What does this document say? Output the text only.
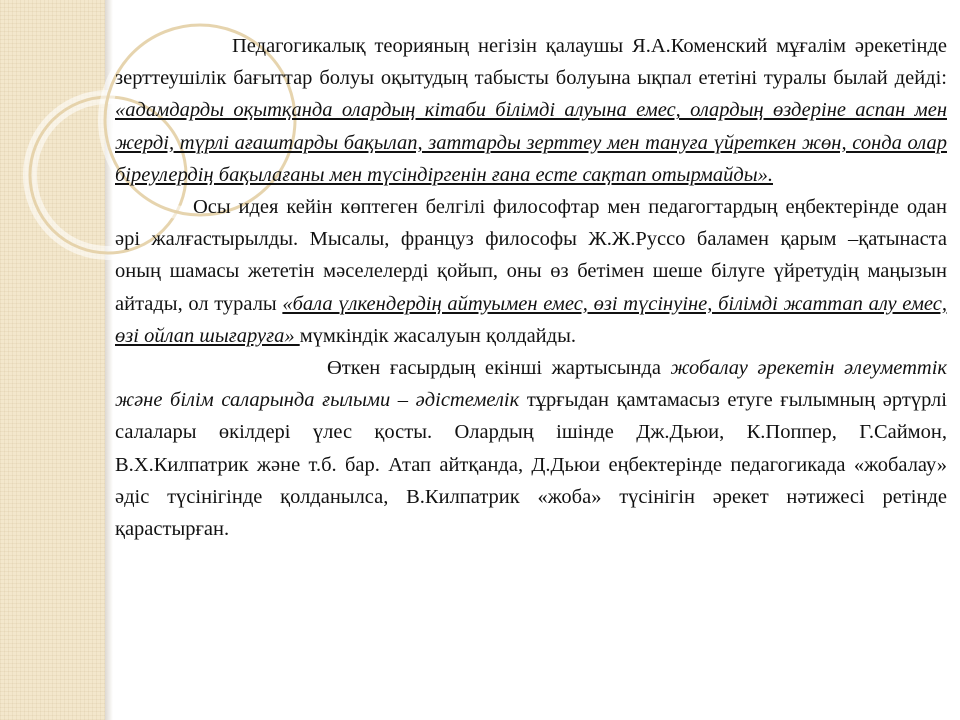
Педагогикалық теорияның негізін қалаушы Я.А.Коменский мұғалім әрекетінде зерттеушілік бағыттар болуы оқытудың табысты болуына ықпал ететіні туралы былай дейді: «адамдарды оқытқанда олардың кітаби білімді алуына емес, олардың өздеріне аспан мен жерді, түрлі ағаштарды бақылап, заттарды зерттеу мен тануға үйреткен жөн, сонда олар біреулердің бақылағаны мен түсіндіргенін ғана есте сақтап отырмайды».

Осы идея кейін көптеген белгілі философтар мен педагогтардың еңбектерінде одан әрі жалғастырылды. Мысалы, француз философы Ж.Ж.Руссо баламен қарым –қатынаста оның шамасы жететін мәселелерді қойып, оны өз бетімен шеше білуге үйретудің маңызын айтады, ол туралы «бала үлкендердің айтуымен емес, өзі түсінуіне, білімді жаттап алу емес, өзі ойлап шығаруға» мүмкіндік жасалуын қолдайды.

Өткен ғасырдың екінші жартысында жобалау әрекетін әлеуметтік және білім саларында ғылыми – әдістемелік тұрғыдан қамтамасыз етуге ғылымның әртүрлі салалары өкілдері үлес қосты. Олардың ішінде Дж.Дьюи, К.Поппер, Г.Саймон, В.Х.Килпатрик және т.б. бар. Атап айтқанда, Д.Дьюи еңбектерінде педагогикада «жобалау» әдіс түсінігінде қолданылса, В.Килпатрик «жоба» түсінігін әрекет нәтижесі ретінде қарастырған.
